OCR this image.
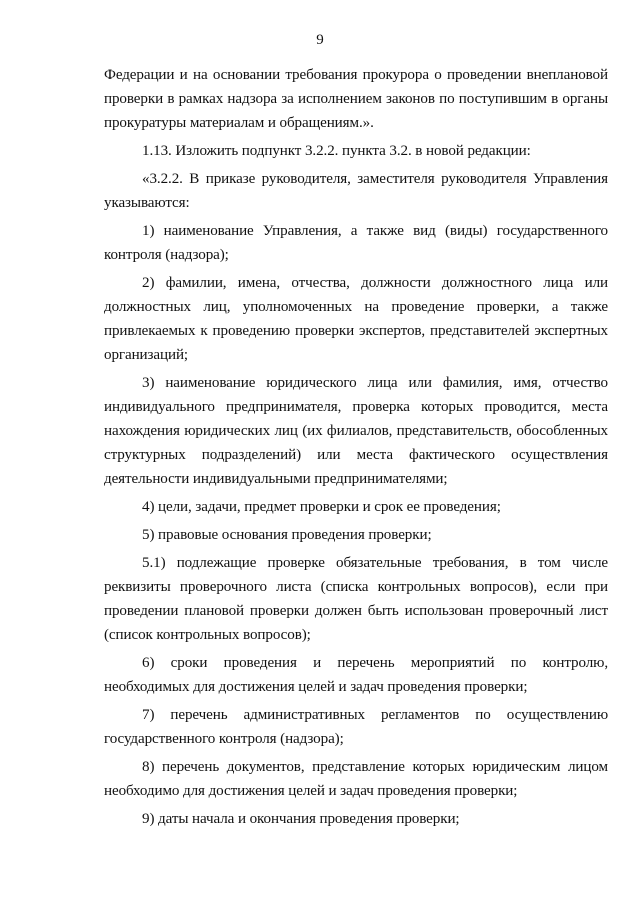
9

Федерации и на основании требования прокурора о проведении внеплановой проверки в рамках надзора за исполнением законов по поступившим в органы прокуратуры материалам и обращениям.».

1.13. Изложить подпункт 3.2.2. пункта 3.2. в новой редакции:

«3.2.2. В приказе руководителя, заместителя руководителя Управления указываются:

1) наименование Управления, а также вид (виды) государственного контроля (надзора);

2) фамилии, имена, отчества, должности должностного лица или должностных лиц, уполномоченных на проведение проверки, а также привлекаемых к проведению проверки экспертов, представителей экспертных организаций;

3) наименование юридического лица или фамилия, имя, отчество индивидуального предпринимателя, проверка которых проводится, места нахождения юридических лиц (их филиалов, представительств, обособленных структурных подразделений) или места фактического осуществления деятельности индивидуальными предпринимателями;

4) цели, задачи, предмет проверки и срок ее проведения;

5) правовые основания проведения проверки;

5.1) подлежащие проверке обязательные требования, в том числе реквизиты проверочного листа (списка контрольных вопросов), если при проведении плановой проверки должен быть использован проверочный лист (список контрольных вопросов);

6) сроки проведения и перечень мероприятий по контролю, необходимых для достижения целей и задач проведения проверки;

7) перечень административных регламентов по осуществлению государственного контроля (надзора);

8) перечень документов, представление которых юридическим лицом необходимо для достижения целей и задач проведения проверки;

9) даты начала и окончания проведения проверки;
